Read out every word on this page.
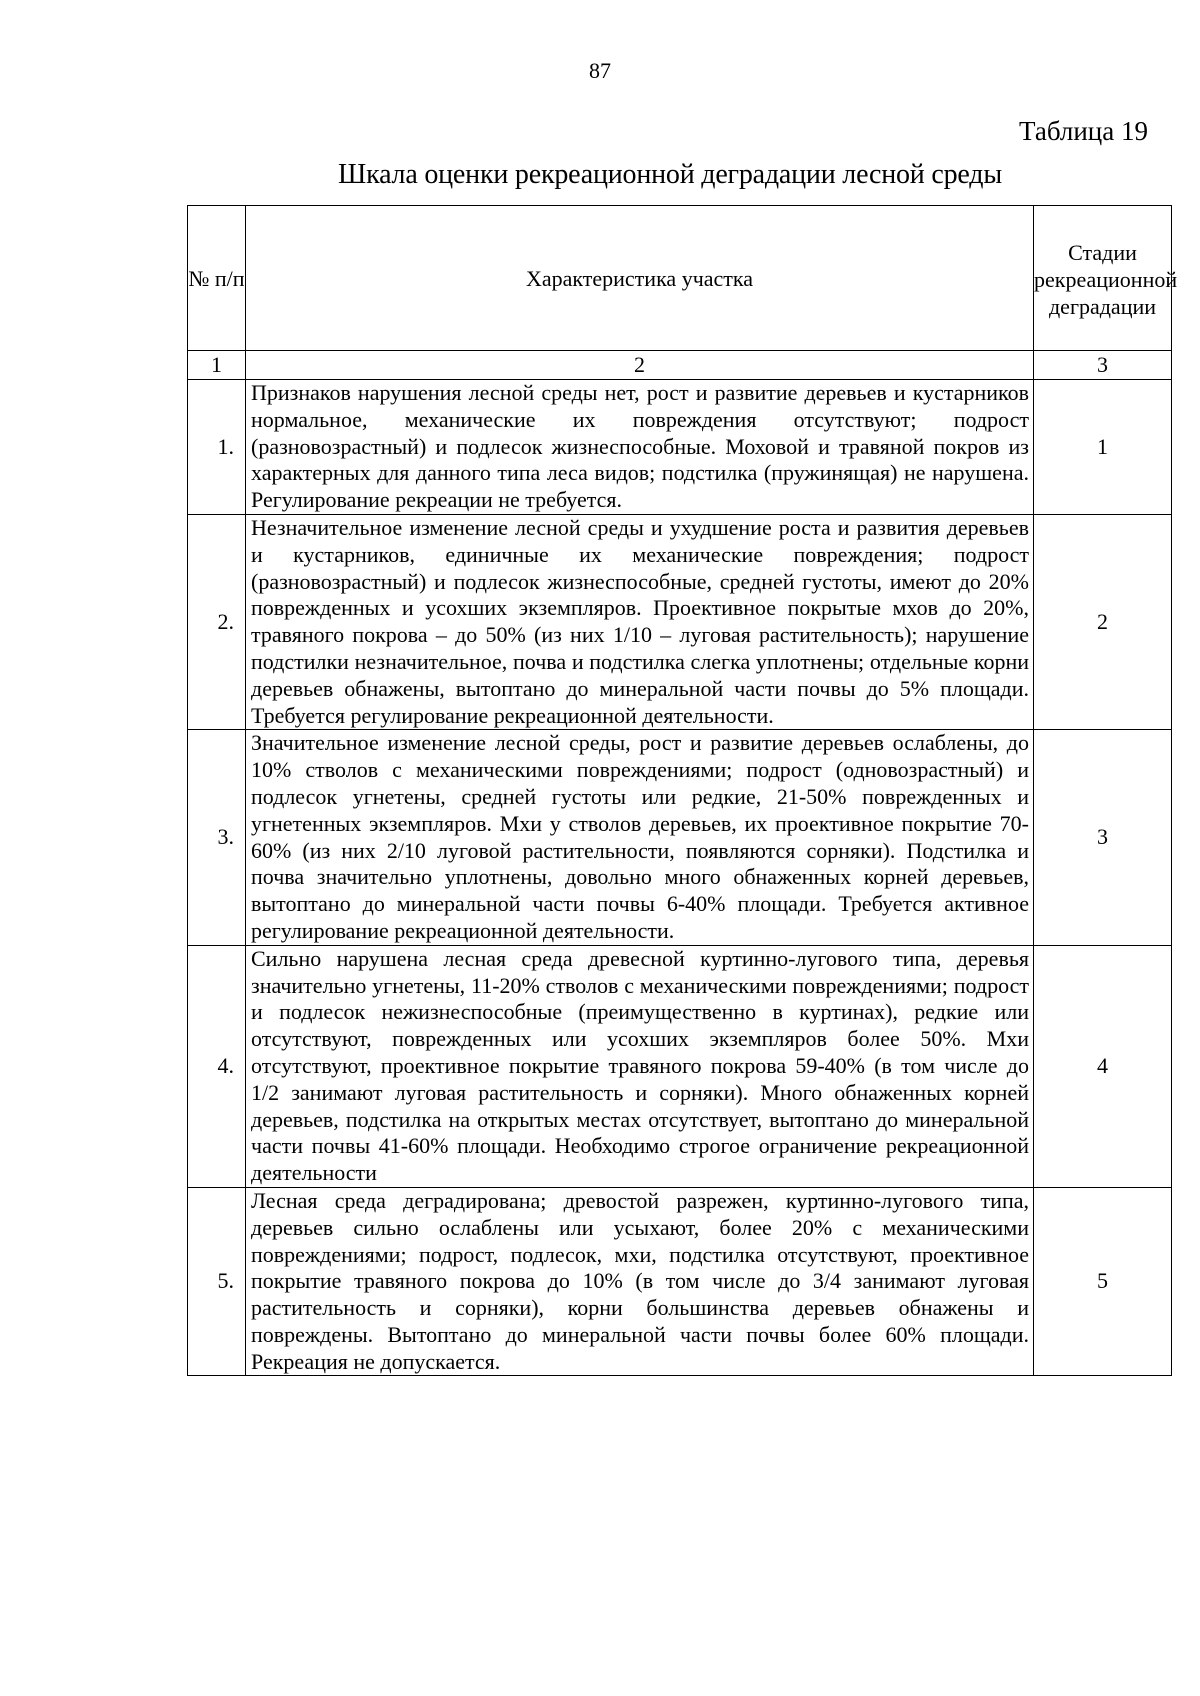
87
Таблица 19
Шкала оценки рекреационной деградации лесной среды
№ п/п	Характеристика участка	Стадии рекреационной деградации
1	2	3
1.	Признаков нарушения лесной среды нет, рост и развитие деревьев и кустарников нормальное, механические их повреждения отсутствуют; подрост (разновозрастный) и подлесок жизнеспособные. Моховой и травяной покров из характерных для данного типа леса видов; подстилка (пружинящая) не нарушена. Регулирование рекреации не требуется.	1
2.	Незначительное изменение лесной среды и ухудшение роста и развития деревьев и кустарников, единичные их механические повреждения; подрост (разновозрастный) и подлесок жизнеспособные, средней густоты, имеют до 20% поврежденных и усохших экземпляров. Проективное покрытые мхов до 20%, травяного покрова – до 50% (из них 1/10 – луговая растительность); нарушение подстилки незначительное, почва и подстилка слегка уплотнены; отдельные корни деревьев обнажены, вытоптано до минеральной части почвы до 5% площади. Требуется регулирование рекреационной деятельности.	2
3.	Значительное изменение лесной среды, рост и развитие деревьев ослаблены, до 10% стволов с механическими повреждениями; подрост (одновозрастный) и подлесок угнетены, средней густоты или редкие, 21-50% поврежденных и угнетенных экземпляров. Мхи у стволов деревьев, их проективное покрытие 70-60% (из них 2/10 луговой растительности, появляются сорняки). Подстилка и почва значительно уплотнены, довольно много обнаженных корней деревьев, вытоптано до минеральной части почвы 6-40% площади. Требуется активное регулирование рекреационной деятельности.	3
4.	Сильно нарушена лесная среда древесной куртинно-лугового типа, деревья значительно угнетены, 11-20% стволов с механическими повреждениями; подрост и подлесок нежизнеспособные (преимущественно в куртинах), редкие или отсутствуют, поврежденных или усохших экземпляров более 50%. Мхи отсутствуют, проективное покрытие травяного покрова 59-40% (в том числе до 1/2 занимают луговая растительность и сорняки). Много обнаженных корней деревьев, подстилка на открытых местах отсутствует, вытоптано до минеральной части почвы 41-60% площади. Необходимо строгое ограничение рекреационной деятельности	4
5.	Лесная среда деградирована; древостой разрежен, куртинно-лугового типа, деревьев сильно ослаблены или усыхают, более 20% с механическими повреждениями; подрост, подлесок, мхи, подстилка отсутствуют, проективное покрытие травяного покрова до 10% (в том числе до 3/4 занимают луговая растительность и сорняки), корни большинства деревьев обнажены и повреждены. Вытоптано до минеральной части почвы более 60% площади. Рекреация не допускается.	5
